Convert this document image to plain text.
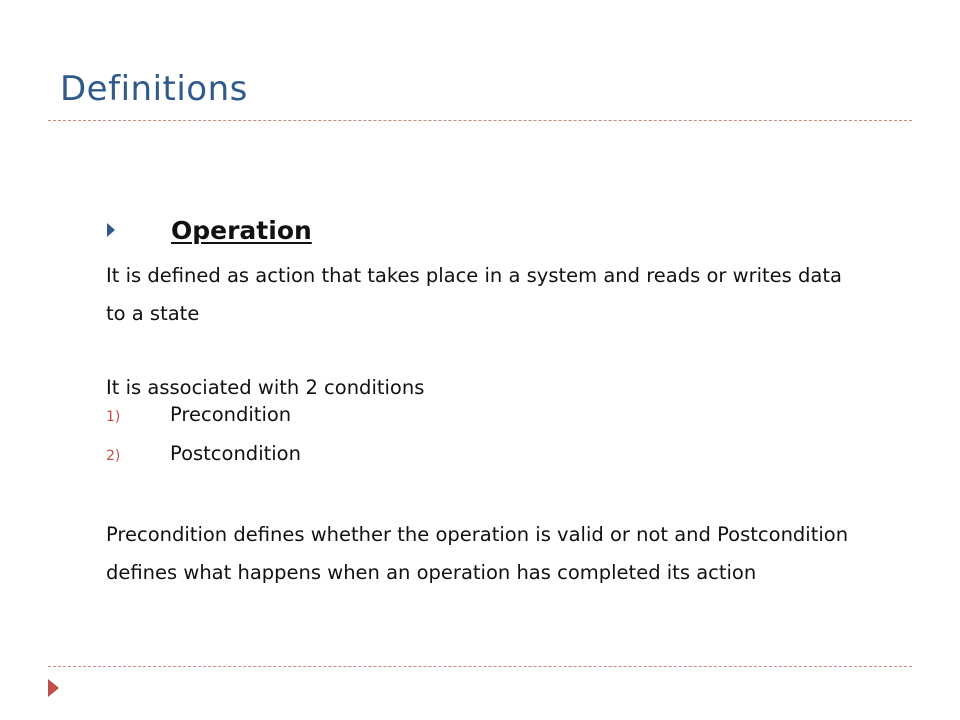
Definitions
Operation
It is defined as action that takes place in a system and reads or writes data to a state
It is associated with 2 conditions
1)	Precondition
2)	Postcondition
Precondition defines whether the operation is valid or not and Postcondition defines what happens when an operation has completed its action
